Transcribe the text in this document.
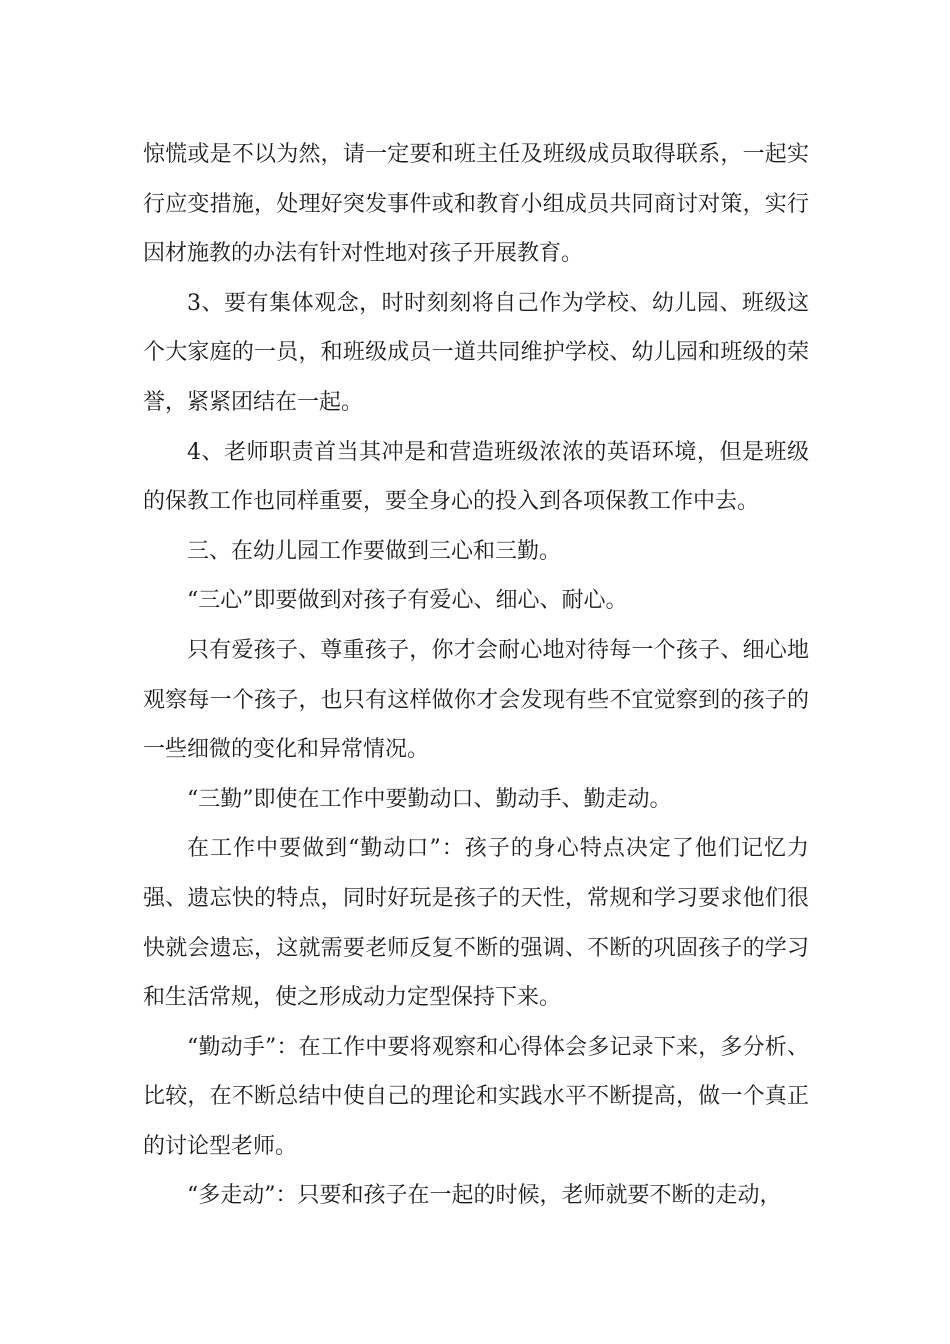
惊慌或是不以为然，请一定要和班主任及班级成员取得联系，一起实行应变措施，处理好突发事件或和教育小组成员共同商讨对策，实行因材施教的办法有针对性地对孩子开展教育。

3、要有集体观念，时时刻刻将自己作为学校、幼儿园、班级这个大家庭的一员，和班级成员一道共同维护学校、幼儿园和班级的荣誉，紧紧团结在一起。

4、老师职责首当其冲是和营造班级浓浓的英语环境，但是班级的保教工作也同样重要，要全身心的投入到各项保教工作中去。

三、在幼儿园工作要做到三心和三勤。

“三心”即要做到对孩子有爱心、细心、耐心。

只有爱孩子、尊重孩子，你才会耐心地对待每一个孩子、细心地观察每一个孩子，也只有这样做你才会发现有些不宜觉察到的孩子的一些细微的变化和异常情况。

“三勤”即使在工作中要勤动口、勤动手、勤走动。

在工作中要做到“勤动口”：孩子的身心特点决定了他们记忆力强、遗忘快的特点，同时好玩是孩子的天性，常规和学习要求他们很快就会遗忘，这就需要老师反复不断的强调、不断的巩固孩子的学习和生活常规，使之形成动力定型保持下来。

“勤动手”：在工作中要将观察和心得体会多记录下来，多分析、比较，在不断总结中使自己的理论和实践水平不断提高，做一个真正的讨论型老师。

“多走动”：只要和孩子在一起的时候，老师就要不断的走动，
